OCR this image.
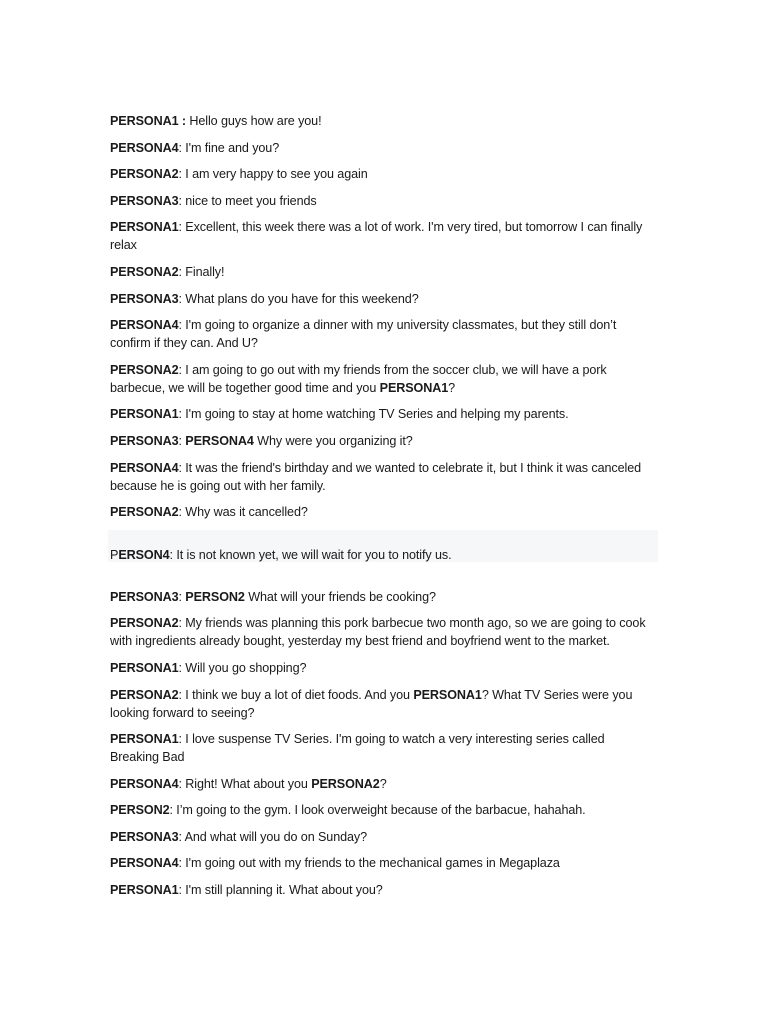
PERSONA1 : Hello guys how are you!

PERSONA4: I'm fine and you?

PERSONA2: I am very happy to see you again

PERSONA3: nice to meet you friends

PERSONA1: Excellent, this week there was a lot of work. I'm very tired, but tomorrow I can finally relax

PERSONA2: Finally!

PERSONA3: What plans do you have for this weekend?

PERSONA4: I'm going to organize a dinner with my university classmates, but they still don’t confirm if they can. And U?

PERSONA2: I am going to go out with my friends from the soccer club, we will have a pork barbecue, we will be together good time and you PERSONA1?

PERSONA1: I'm going to stay at home watching TV Series and helping my parents.

PERSONA3: PERSONA4 Why were you organizing it?

PERSONA4: It was the friend's birthday and we wanted to celebrate it, but I think it was canceled because he is going out with her family.

PERSONA2: Why was it cancelled?

PERSON4: It is not known yet, we will wait for you to notify us.

PERSONA3: PERSON2 What will your friends be cooking?

PERSONA2: My friends was planning this pork barbecue two month ago, so we are going to cook with ingredients already bought, yesterday my best friend and boyfriend went to the market.

PERSONA1: Will you go shopping?

PERSONA2: I think we buy a lot of diet foods. And you PERSONA1? What TV Series were you looking forward to seeing?

PERSONA1: I love suspense TV Series. I'm going to watch a very interesting series called Breaking Bad

PERSONA4: Right! What about you PERSONA2?

PERSON2: I’m going to the gym. I look overweight because of the barbacue, hahahah.

PERSONA3: And what will you do on Sunday?

PERSONA4: I'm going out with my friends to the mechanical games in Megaplaza

PERSONA1: I'm still planning it. What about you?
